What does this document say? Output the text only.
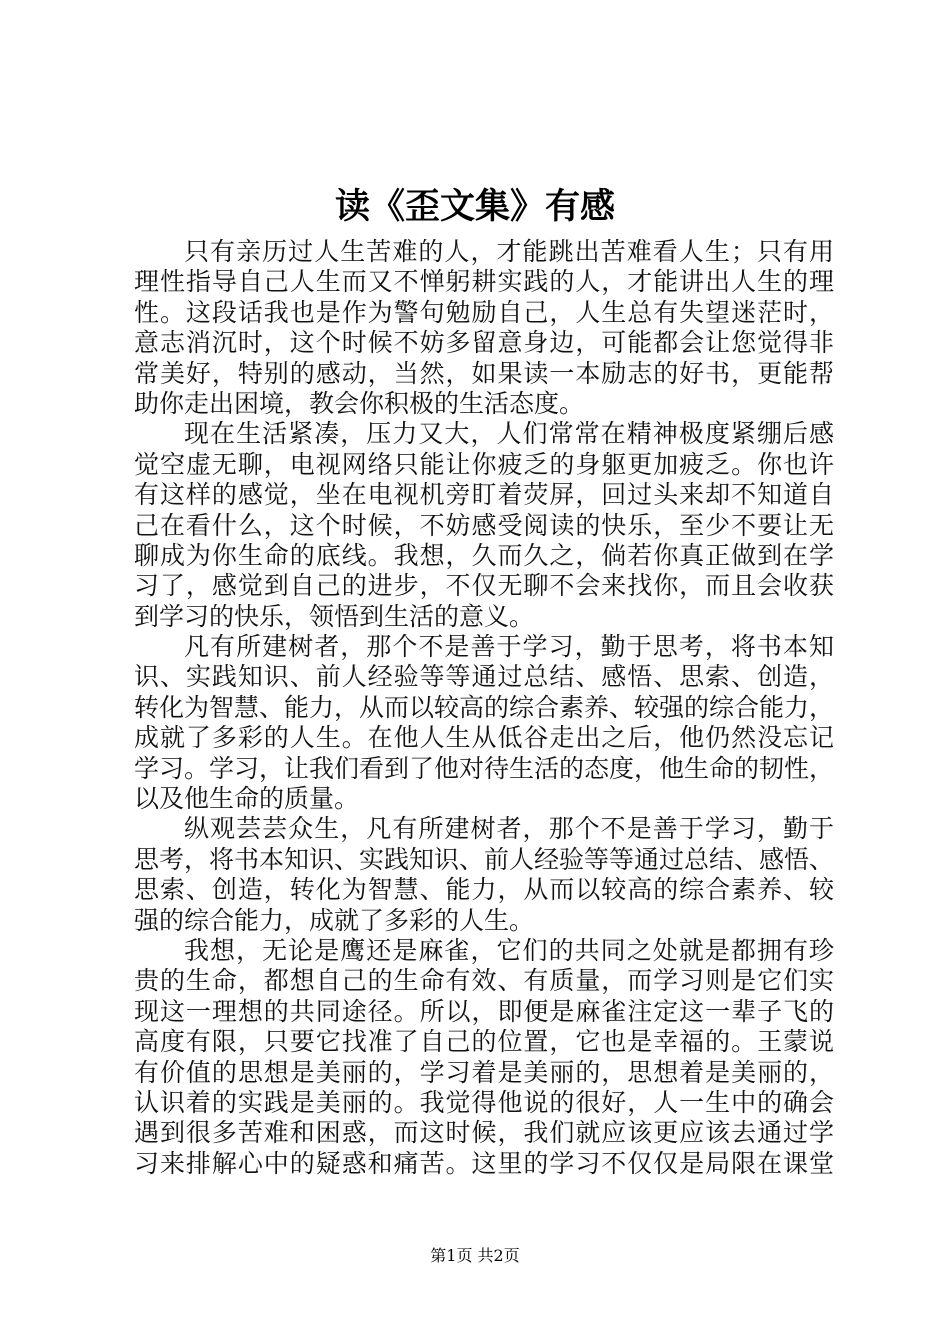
读《歪文集》有感
只有亲历过人生苦难的人，才能跳出苦难看人生；只有用
理性指导自己人生而又不惮躬耕实践的人，才能讲出人生的理
性。这段话我也是作为警句勉励自己，人生总有失望迷茫时，
意志消沉时，这个时候不妨多留意身边，可能都会让您觉得非
常美好，特别的感动，当然，如果读一本励志的好书，更能帮
助你走出困境，教会你积极的生活态度。
现在生活紧凑，压力又大，人们常常在精神极度紧绷后感
觉空虚无聊，电视网络只能让你疲乏的身躯更加疲乏。你也许
有这样的感觉，坐在电视机旁盯着荧屏，回过头来却不知道自
己在看什么，这个时候，不妨感受阅读的快乐，至少不要让无
聊成为你生命的底线。我想，久而久之，倘若你真正做到在学
习了，感觉到自己的进步，不仅无聊不会来找你，而且会收获
到学习的快乐，领悟到生活的意义。
凡有所建树者，那个不是善于学习，勤于思考，将书本知
识、实践知识、前人经验等等通过总结、感悟、思索、创造，
转化为智慧、能力，从而以较高的综合素养、较强的综合能力，
成就了多彩的人生。在他人生从低谷走出之后，他仍然没忘记
学习。学习，让我们看到了他对待生活的态度，他生命的韧性，
以及他生命的质量。
纵观芸芸众生，凡有所建树者，那个不是善于学习，勤于
思考，将书本知识、实践知识、前人经验等等通过总结、感悟、
思索、创造，转化为智慧、能力，从而以较高的综合素养、较
强的综合能力，成就了多彩的人生。
我想，无论是鹰还是麻雀，它们的共同之处就是都拥有珍
贵的生命，都想自己的生命有效、有质量，而学习则是它们实
现这一理想的共同途径。所以，即便是麻雀注定这一辈子飞的
高度有限，只要它找准了自己的位置，它也是幸福的。王蒙说
有价值的思想是美丽的，学习着是美丽的，思想着是美丽的，
认识着的实践是美丽的。我觉得他说的很好，人一生中的确会
遇到很多苦难和困惑，而这时候，我们就应该更应该去通过学
习来排解心中的疑惑和痛苦。这里的学习不仅仅是局限在课堂
第1页 共2页
